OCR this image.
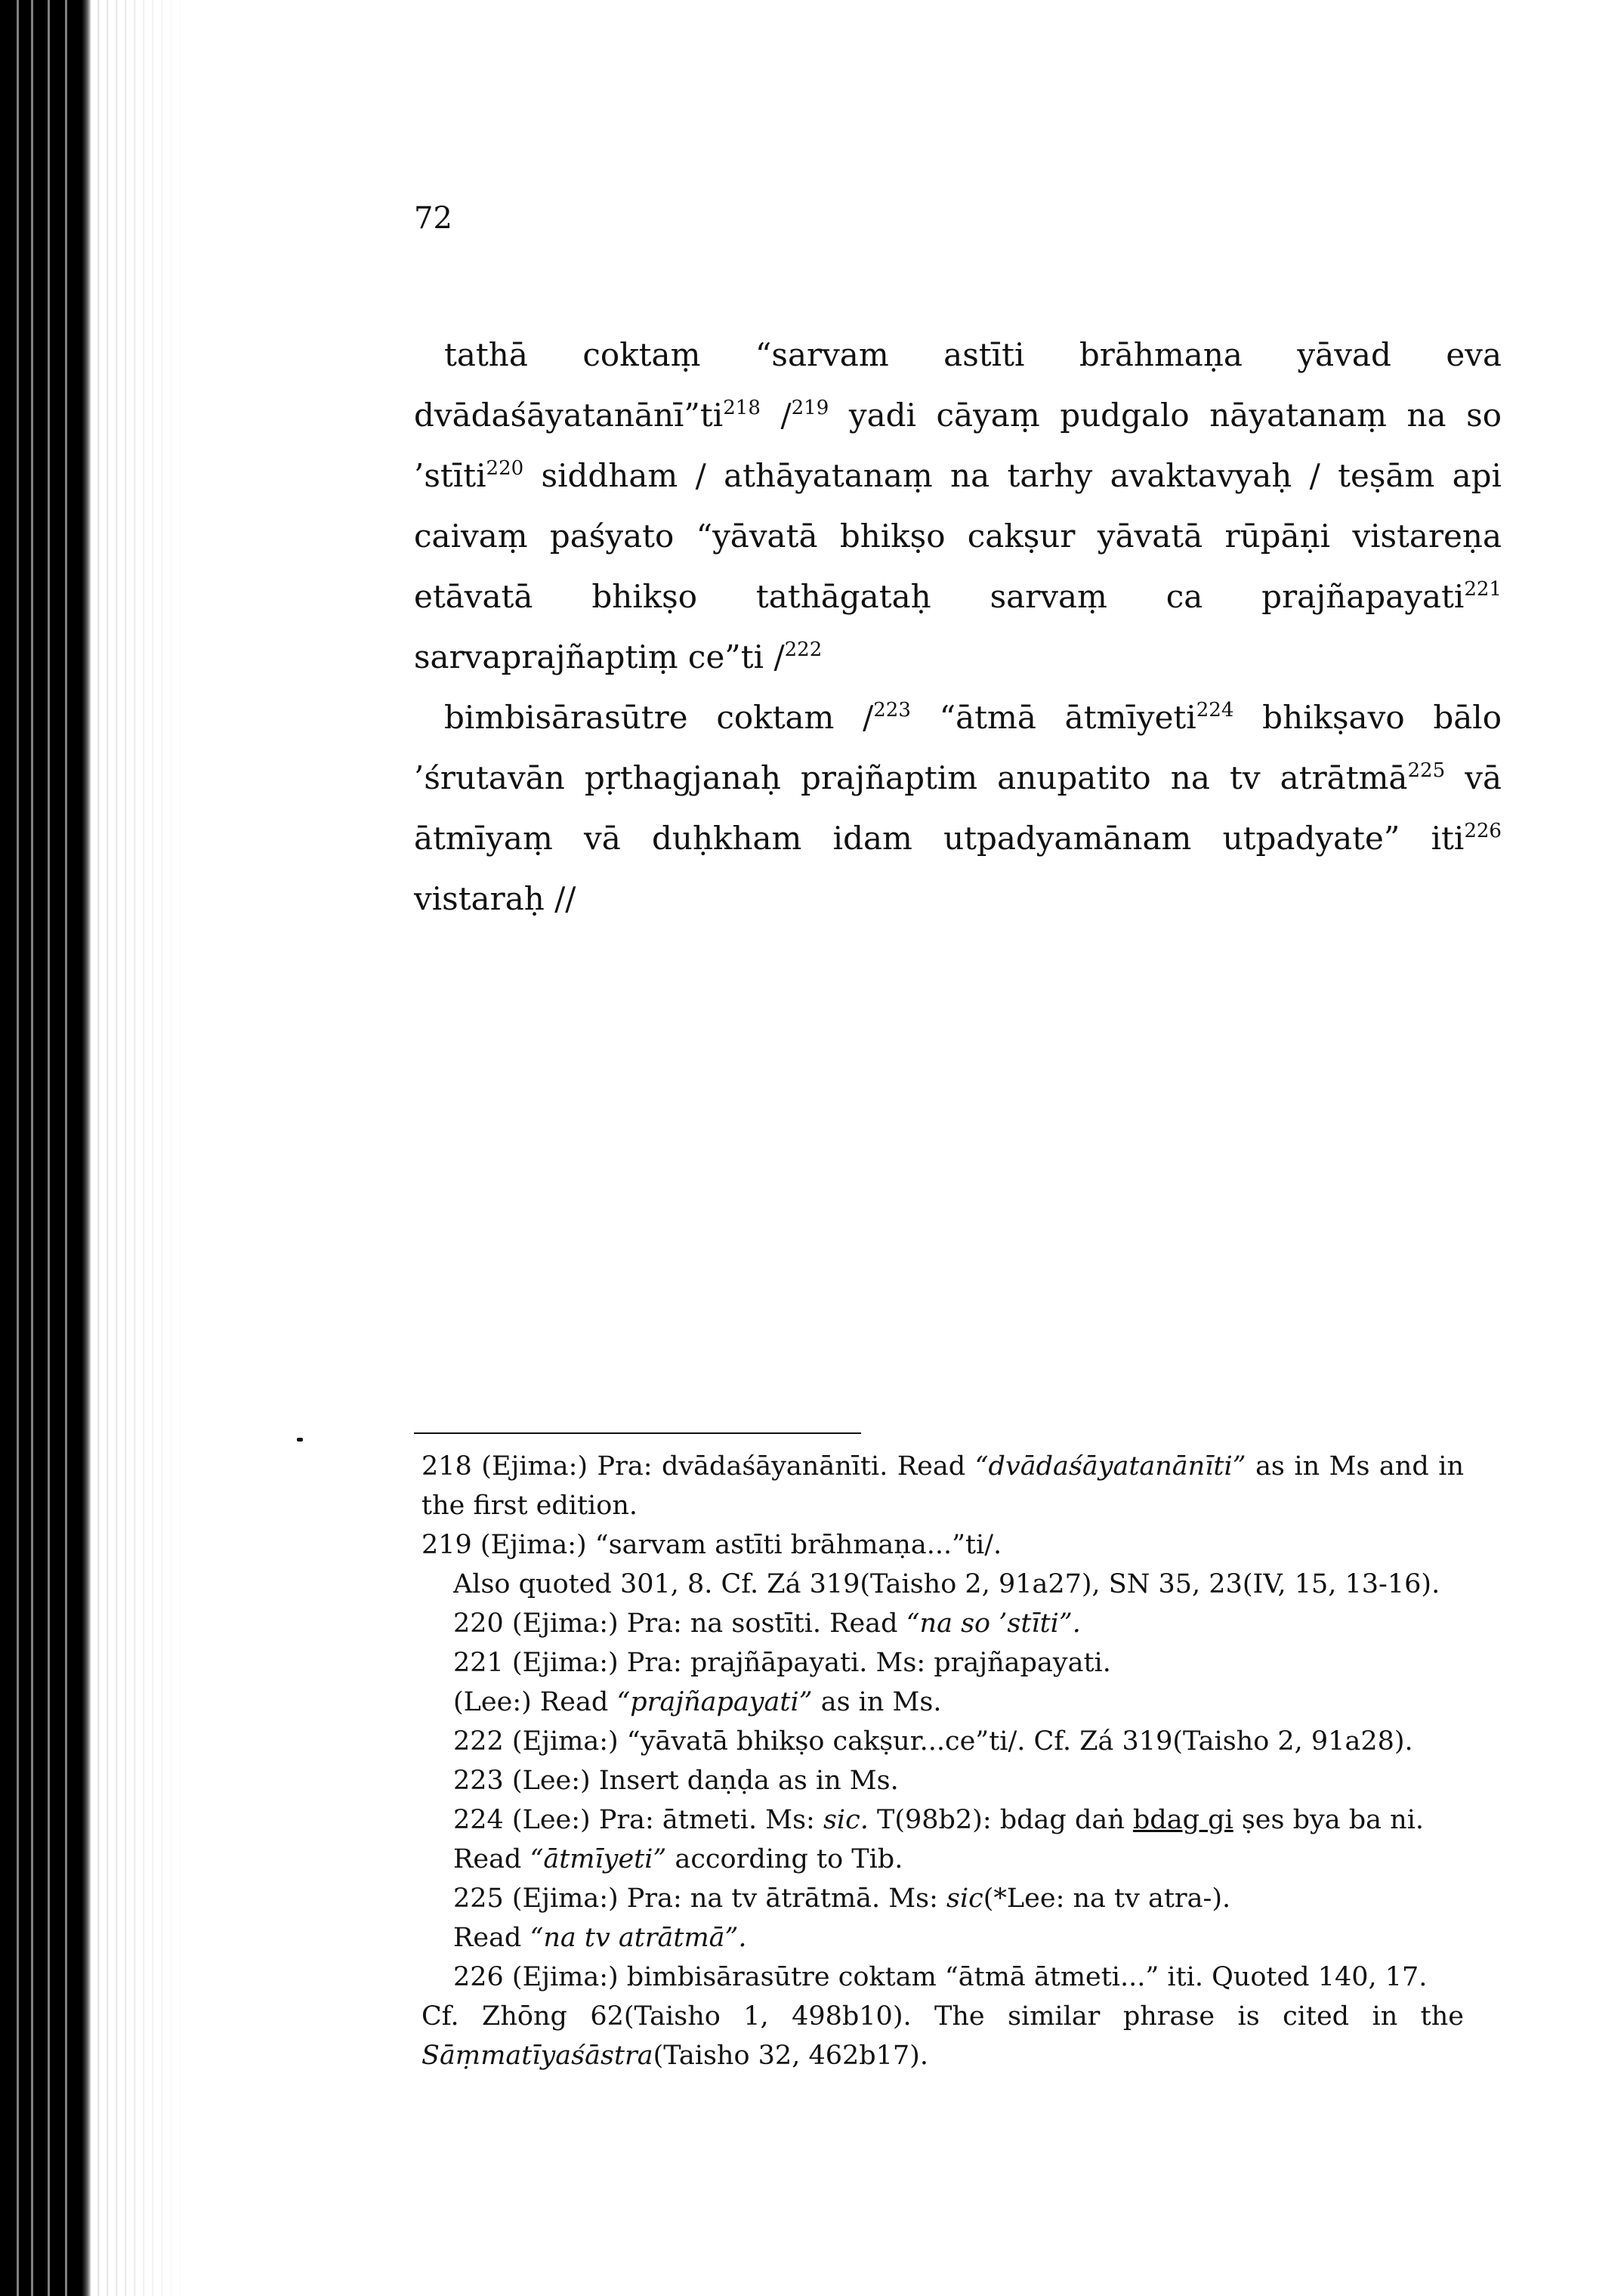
72

tathā coktaṃ “sarvam astīti brāhmaṇa yāvad eva $dvādaśāyatanānī”ti^{218}$ /$^{219}$ yadi cāyaṃ pudgalo nāyatanaṃ na so ’stīti$^{220}$ siddham / athāyatanaṃ na tarhy avaktavyaḥ / teṣām api caivaṃ paśyato “yāvatā bhikṣo cakṣur yāvatā rūpāṇi vistareṇa etāvatā bhikṣo tathāgataḥ sarvaṃ ca prajñapayati$^{221}$ sarvaprajñaptiṃ ce”ti /$^{222}$

bimbisārasūtre coktam /$^{223}$ “ātmā ātmīyeti$^{224}$ bhikṣavo bālo ’śrutavān pṛthagjanaḥ prajñaptim anupatito na tv atrātmā$^{225}$ vā ātmīyaṃ vā duḥkham idam utpadyamānam utpadyate” iti$^{226}$ vistaraḥ //

218 (Ejima:) Pra: dvādaśāyanānīti. Read “dvādaśāyatanānīti” as in Ms and in the first edition.

219 (Ejima:) “sarvam astīti brāhmaṇa...”ti/.

Also quoted 301, 8. Cf. Zá 319(Taisho 2, 91a27), SN 35, 23(IV, 15, 13-16).

220 (Ejima:) Pra: na sostīti. Read “na so ’stīti”.

221 (Ejima:) Pra: prajñāpayati. Ms: prajñapayati.

(Lee:) Read “prajñapayati” as in Ms.

222 (Ejima:) “yāvatā bhikṣo cakṣur...ce”ti/. Cf. Zá 319(Taisho 2, 91a28).

223 (Lee:) Insert daṇḍa as in Ms.

224 (Lee:) Pra: ātmeti. Ms: sic. T(98b2): bdag daṅ bdag gi ṣes bya ba ni.

Read “ātmīyeti” according to Tib.

225 (Ejima:) Pra: na tv ātrātmā. Ms: sic(*Lee: na tv atra-).

Read “na tv atrātmā”.

226 (Ejima:) bimbisārasūtre coktam “ātmā ātmeti...” iti. Quoted 140, 17.

Cf. Zhōng 62(Taisho 1, 498b10). The similar phrase is cited in the Sāṃmatīyaśāstra(Taisho 32, 462b17).
